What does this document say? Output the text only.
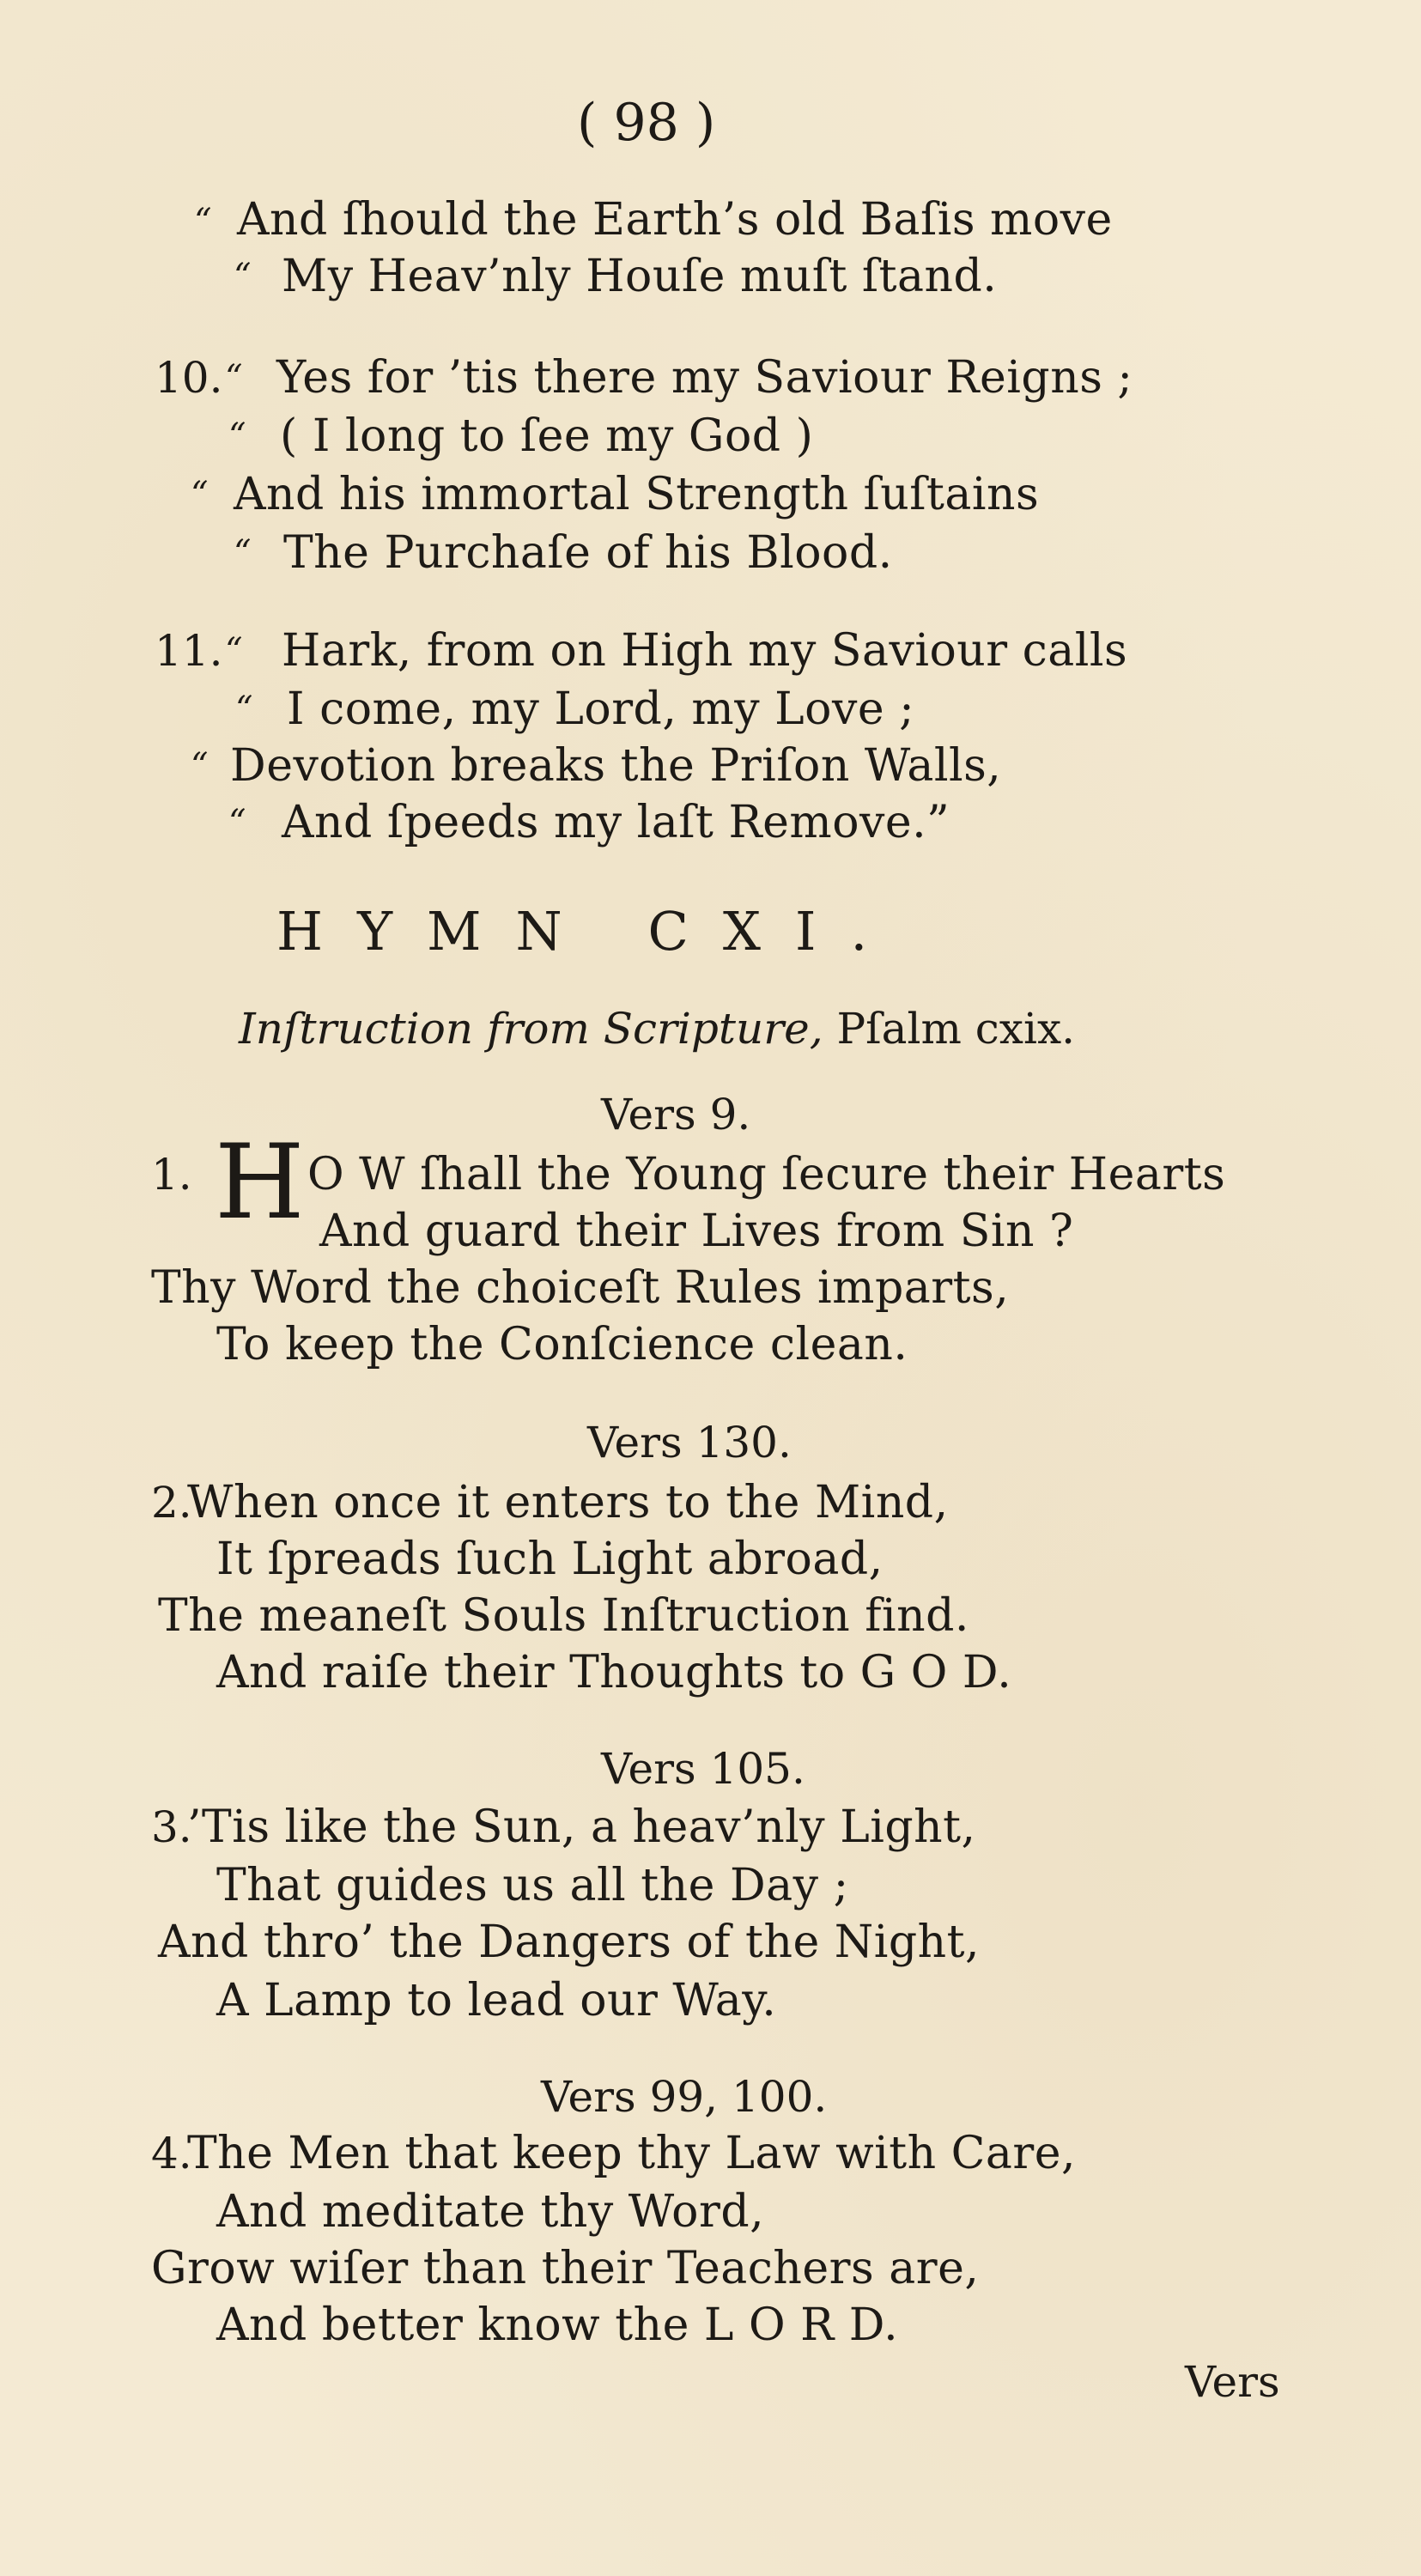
( 98 )
“ And ſhould the Earth’s old Baſis move
“ My Heav’nly Houſe muſt ſtand.
10. “ Yes for ’tis there my Saviour Reigns ;
“ ( I long to ſee my God )
“ And his immortal Strength ſuſtains
“ The Purchaſe of his Blood.
11. “ Hark, from on High my Saviour calls
“ I come, my Lord, my Love ;
“ Devotion breaks the Priſon Walls,
“ And ſpeeds my laſt Remove.”
HYMN CXI.
Inſtruction from Scripture, Pſalm cxix.
Vers 9.
1. H O W ſhall the Young ſecure their Hearts
And guard their Lives from Sin ?
Thy Word the choiceſt Rules imparts,
To keep the Conſcience clean.
Vers 130.
2.
When once it enters to the Mind,
It ſpreads ſuch Light abroad,
The meaneſt Souls Inſtruction find.
And raiſe their Thoughts to G O D.
Vers 105.
3.
’Tis like the Sun, a heav’nly Light,
That guides us all the Day ;
And thro’ the Dangers of the Night,
A Lamp to lead our Way.
Vers 99, 100.
4.
The Men that keep thy Law with Care,
And meditate thy Word,
Grow wiſer than their Teachers are,
And better know the L O R D.
Vers
